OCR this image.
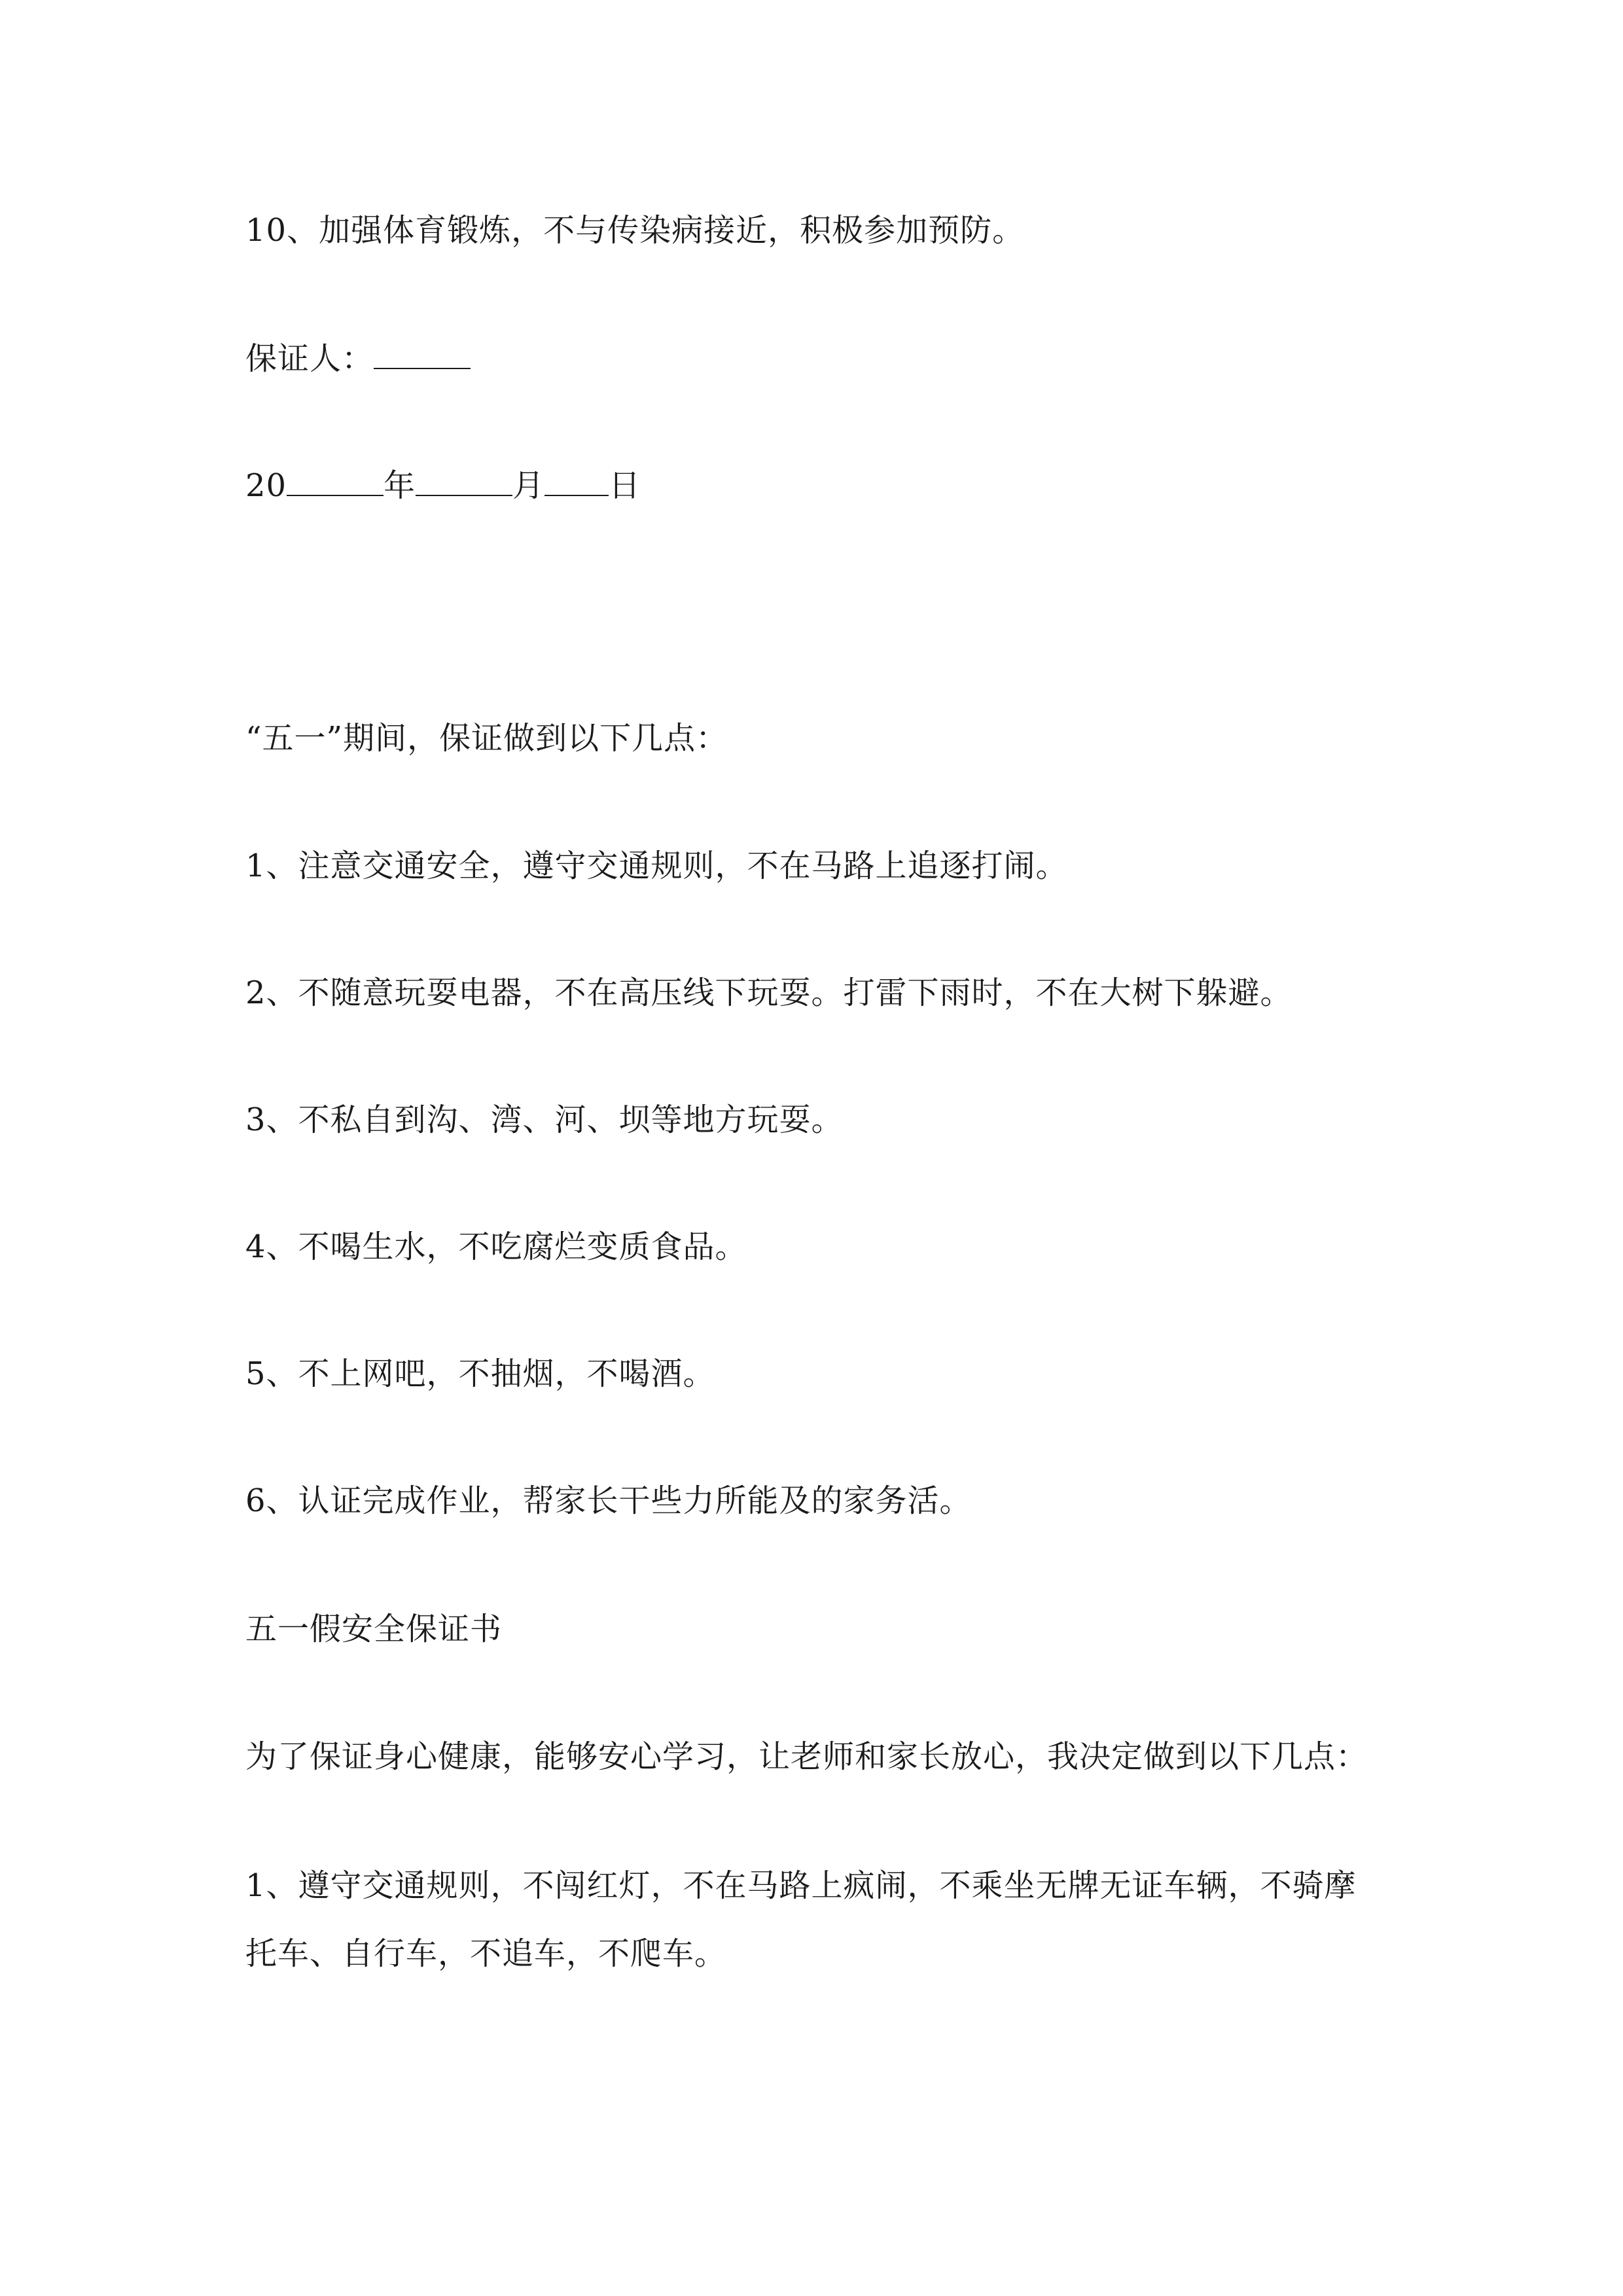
10、加强体育锻炼，不与传染病接近，积极参加预防。
保证人：
20	年	月 日
“五一”期间，保证做到以下几点：
1、注意交通安全，遵守交通规则，不在马路上追逐打闹。
2、不随意玩耍电器，不在高压线下玩耍。打雷下雨时，不在大树下躲避。
3、不私自到沟、湾、河、坝等地方玩耍。
4、不喝生水，不吃腐烂变质食品。
5、不上网吧，不抽烟，不喝酒。
6、认证完成作业，帮家长干些力所能及的家务活。
五一假安全保证书
为了保证身心健康，能够安心学习，让老师和家长放心，我决定做到以下几点：
1、遵守交通规则，不闯红灯，不在马路上疯闹，不乘坐无牌无证车辆，不骑摩
托车、自行车，不追车，不爬车。
